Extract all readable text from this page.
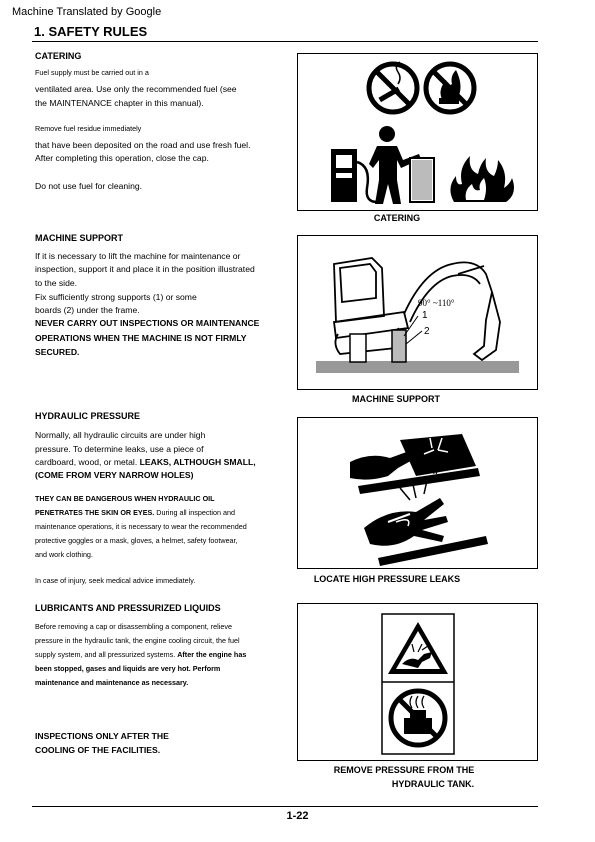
Machine Translated by Google
1. SAFETY RULES
CATERING
Fuel supply must be carried out in a
ventilated area. Use only the recommended fuel (see
the MAINTENANCE chapter in this manual).
Remove fuel residue immediately
that have been deposited on the road and use fresh fuel.
After completing this operation, close the cap.
Do not use fuel for cleaning.
CATERING
MACHINE SUPPORT
If it is necessary to lift the machine for maintenance or
inspection, support it and place it in the position illustrated
to the side.
Fix sufficiently strong supports (1) or some
boards (2) under the frame.
NEVER CARRY OUT INSPECTIONS OR MAINTENANCE
OPERATIONS WHEN THE MACHINE IS NOT FIRMLY
SECURED.
90° ~110°
1
2
MACHINE SUPPORT
HYDRAULIC PRESSURE
Normally, all hydraulic circuits are under high
pressure. To determine leaks, use a piece of
cardboard, wood, or metal. LEAKS, ALTHOUGH SMALL,
(COME FROM VERY NARROW HOLES)
THEY CAN BE DANGEROUS WHEN HYDRAULIC OIL
PENETRATES THE SKIN OR EYES. During all inspection and
maintenance operations, it is necessary to wear the recommended
protective goggles or a mask, gloves, a helmet, safety footwear,
and work clothing.
In case of injury, seek medical advice immediately.	LOCATE HIGH PRESSURE LEAKS
LUBRICANTS AND PRESSURIZED LIQUIDS
Before removing a cap or disassembling a component, relieve
pressure in the hydraulic tank, the engine cooling circuit, the fuel
supply system, and all pressurized systems. After the engine has
been stopped, gases and liquids are very hot. Perform
maintenance and maintenance as necessary.
INSPECTIONS ONLY AFTER THE
COOLING OF THE FACILITIES.
REMOVE PRESSURE FROM THE
HYDRAULIC TANK.
1-22
